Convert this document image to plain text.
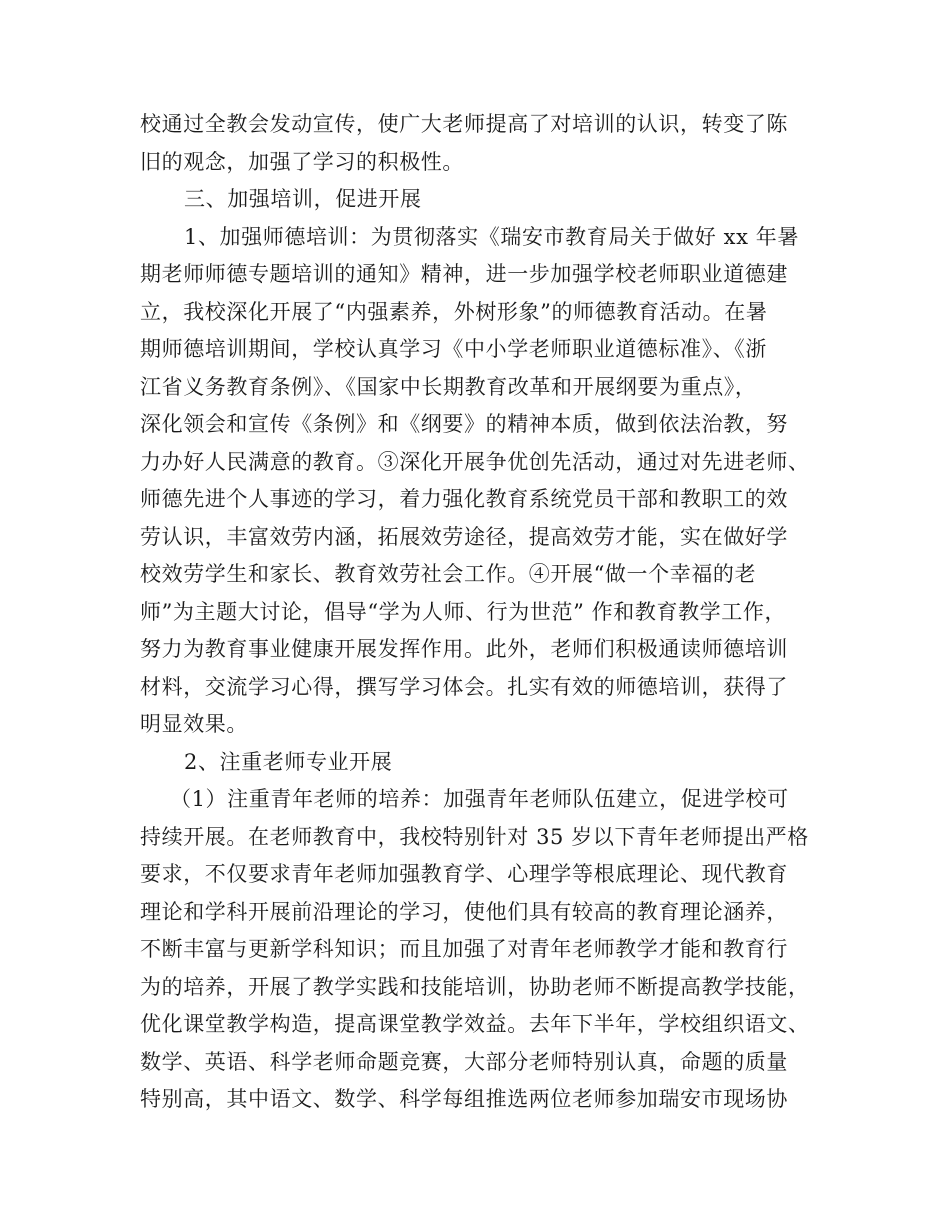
校通过全教会发动宣传，使广大老师提高了对培训的认识，转变了陈
旧的观念，加强了学习的积极性。
三、加强培训，促进开展
1、加强师德培训：为贯彻落实《瑞安市教育局关于做好 xx 年暑
期老师师德专题培训的通知》精神，进一步加强学校老师职业道德建
立，我校深化开展了“内强素养，外树形象”的师德教育活动。在暑
期师德培训期间，学校认真学习《中小学老师职业道德标准》、《浙
江省义务教育条例》、《国家中长期教育改革和开展纲要为重点》，
深化领会和宣传《条例》和《纲要》的精神本质，做到依法治教，努
力办好人民满意的教育。③深化开展争优创先活动，通过对先进老师、
师德先进个人事迹的学习，着力强化教育系统党员干部和教职工的效
劳认识，丰富效劳内涵，拓展效劳途径，提高效劳才能，实在做好学
校效劳学生和家长、教育效劳社会工作。④开展“做一个幸福的老
师”为主题大讨论，倡导“学为人师、行为世范” 作和教育教学工作，
努力为教育事业健康开展发挥作用。此外，老师们积极通读师德培训
材料，交流学习心得，撰写学习体会。扎实有效的师德培训，获得了
明显效果。
2、注重老师专业开展
（1）注重青年老师的培养：加强青年老师队伍建立，促进学校可
持续开展。在老师教育中，我校特别针对 35 岁以下青年老师提出严格
要求，不仅要求青年老师加强教育学、心理学等根底理论、现代教育
理论和学科开展前沿理论的学习，使他们具有较高的教育理论涵养，
不断丰富与更新学科知识；而且加强了对青年老师教学才能和教育行
为的培养，开展了教学实践和技能培训，协助老师不断提高教学技能，
优化课堂教学构造，提高课堂教学效益。去年下半年，学校组织语文、
数学、英语、科学老师命题竞赛，大部分老师特别认真，命题的质量
特别高，其中语文、数学、科学每组推选两位老师参加瑞安市现场协
